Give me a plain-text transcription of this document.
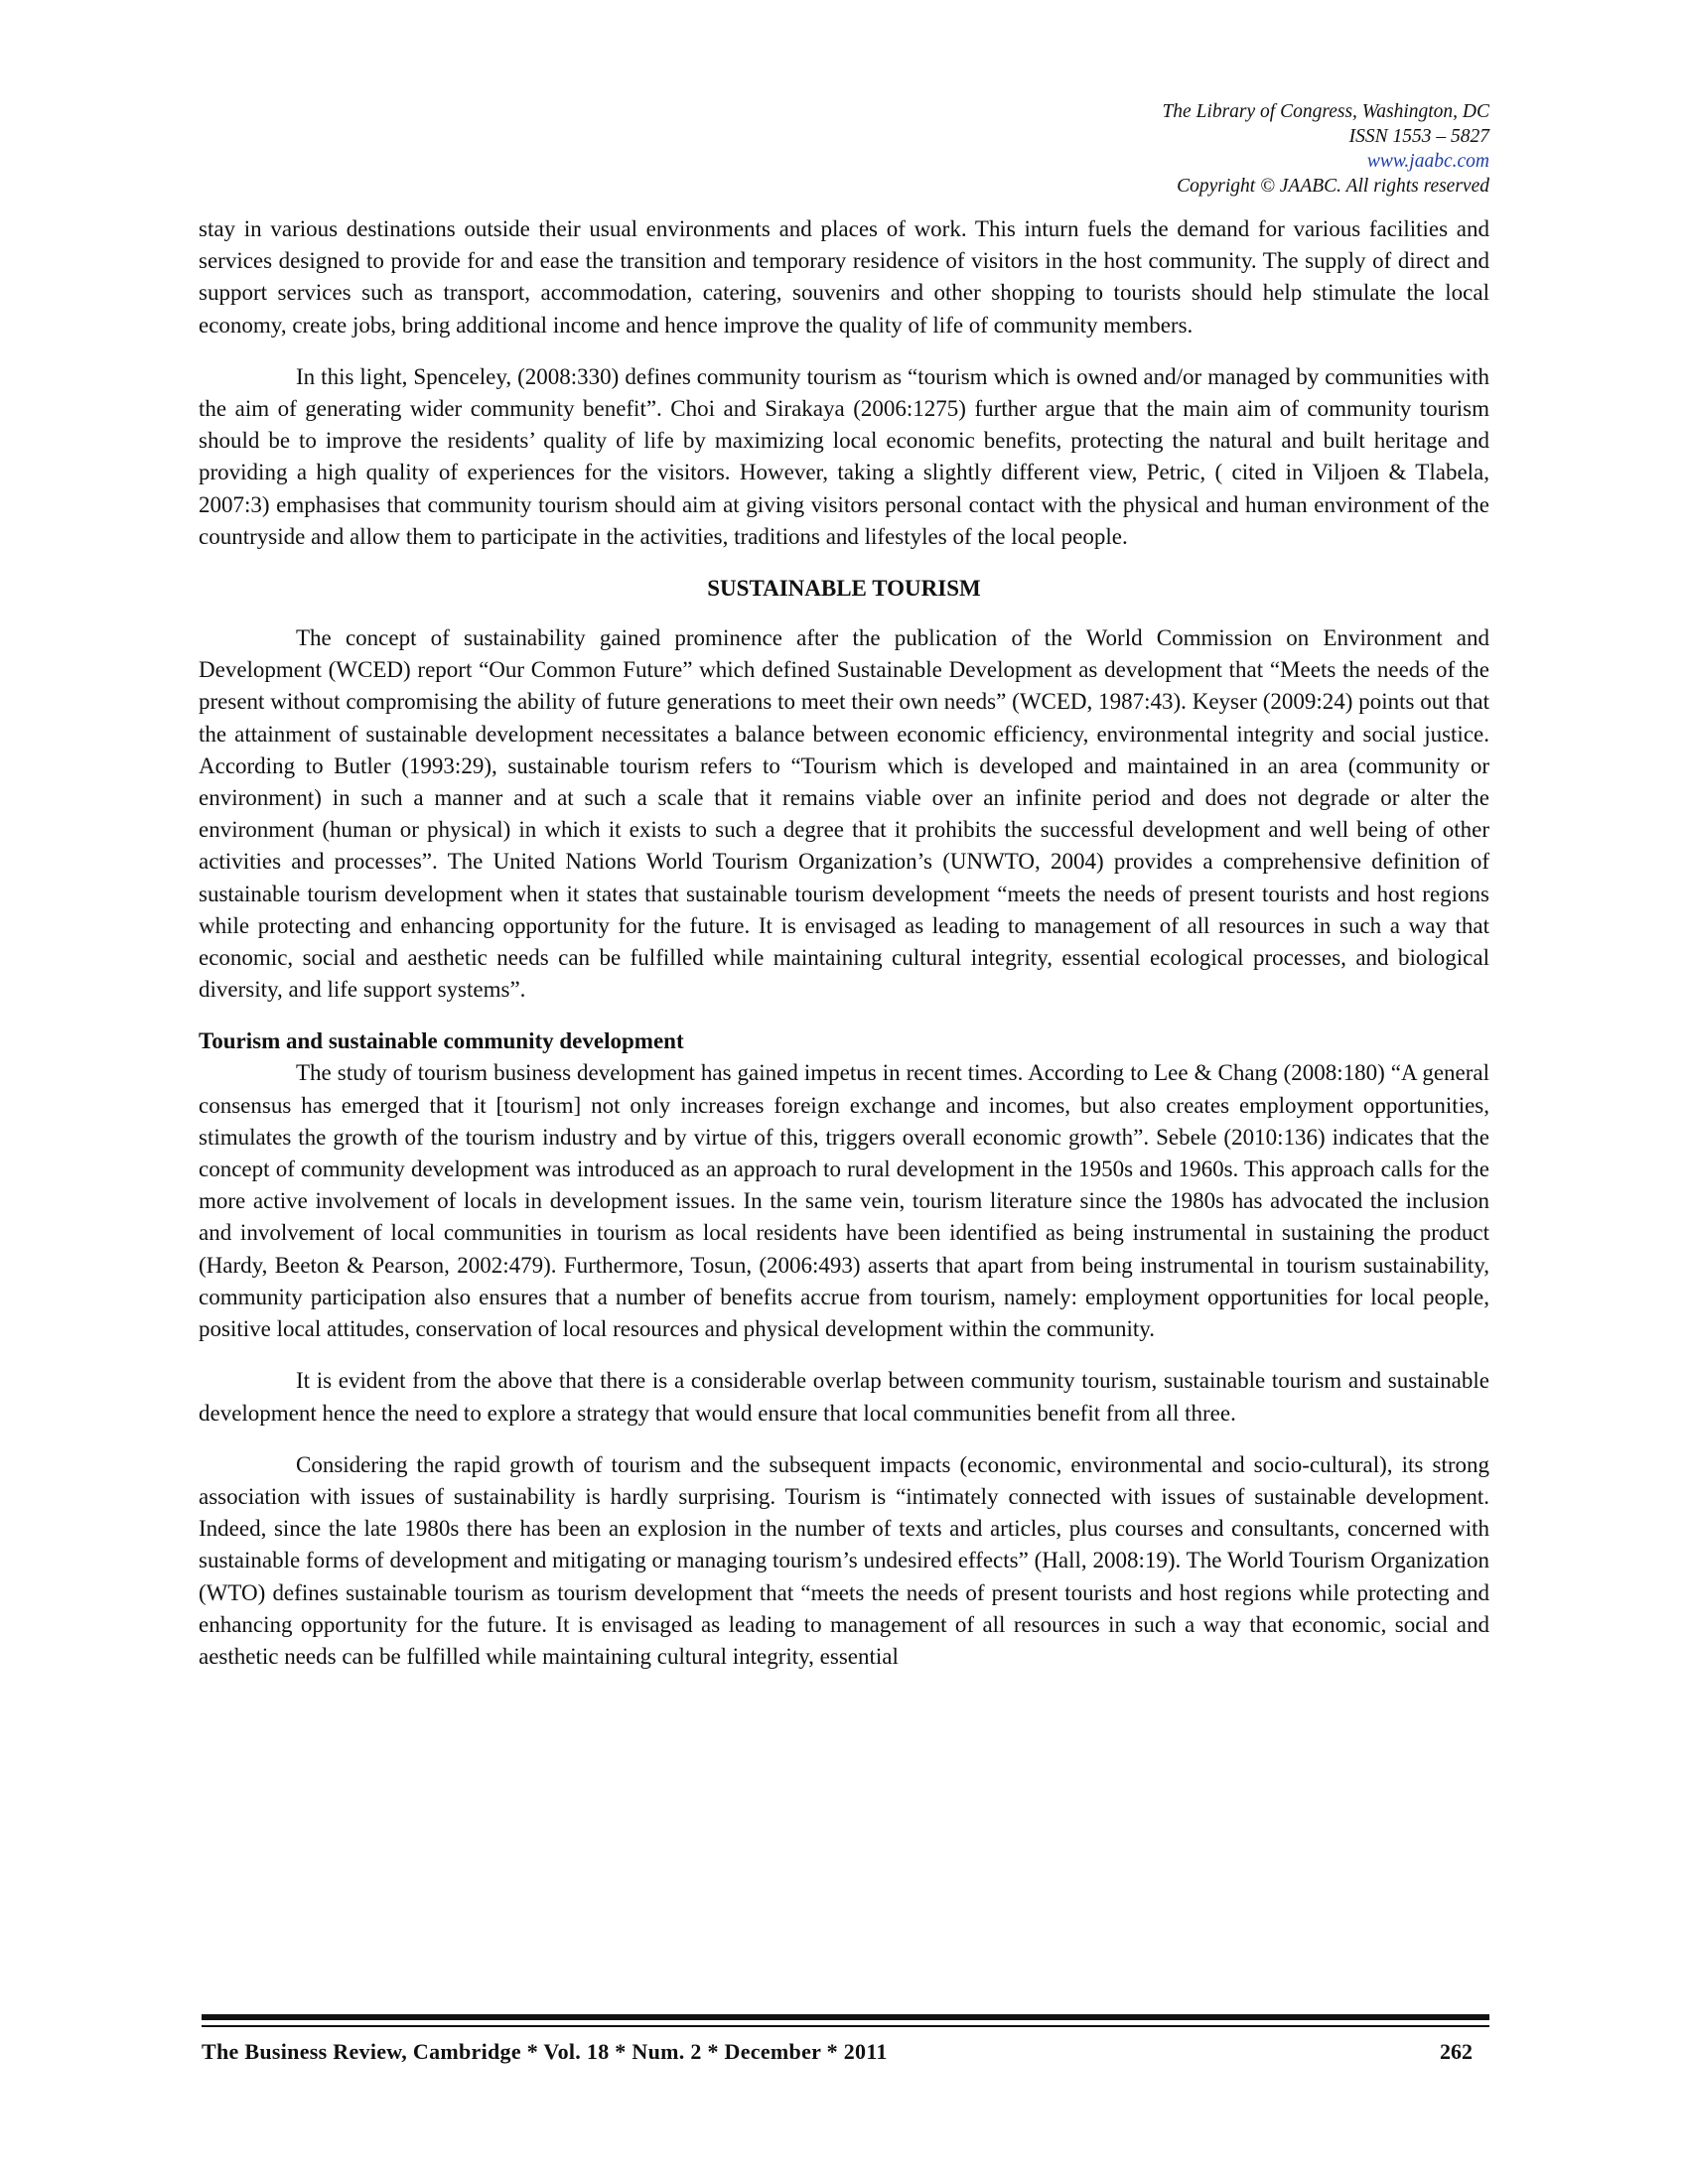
The Library of Congress, Washington, DC
ISSN 1553 – 5827
www.jaabc.com
Copyright © JAABC. All rights reserved

stay in various destinations outside their usual environments and places of work. This inturn fuels the demand for various facilities and services designed to provide for and ease the transition and temporary residence of visitors in the host community. The supply of direct and support services such as transport, accommodation, catering, souvenirs and other shopping to tourists should help stimulate the local economy, create jobs, bring additional income and hence improve the quality of life of community members.

In this light, Spenceley, (2008:330) defines community tourism as “tourism which is owned and/or managed by communities with the aim of generating wider community benefit”. Choi and Sirakaya (2006:1275) further argue that the main aim of community tourism should be to improve the residents’ quality of life by maximizing local economic benefits, protecting the natural and built heritage and providing a high quality of experiences for the visitors. However, taking a slightly different view, Petric, ( cited in Viljoen & Tlabela, 2007:3) emphasises that community tourism should aim at giving visitors personal contact with the physical and human environment of the countryside and allow them to participate in the activities, traditions and lifestyles of the local people.

SUSTAINABLE TOURISM

The concept of sustainability gained prominence after the publication of the World Commission on Environment and Development (WCED) report “Our Common Future” which defined Sustainable Development as development that “Meets the needs of the present without compromising the ability of future generations to meet their own needs” (WCED, 1987:43). Keyser (2009:24) points out that the attainment of sustainable development necessitates a balance between economic efficiency, environmental integrity and social justice. According to Butler (1993:29), sustainable tourism refers to “Tourism which is developed and maintained in an area (community or environment) in such a manner and at such a scale that it remains viable over an infinite period and does not degrade or alter the environment (human or physical) in which it exists to such a degree that it prohibits the successful development and well being of other activities and processes”. The United Nations World Tourism Organization’s (UNWTO, 2004) provides a comprehensive definition of sustainable tourism development when it states that sustainable tourism development “meets the needs of present tourists and host regions while protecting and enhancing opportunity for the future. It is envisaged as leading to management of all resources in such a way that economic, social and aesthetic needs can be fulfilled while maintaining cultural integrity, essential ecological processes, and biological diversity, and life support systems”.

Tourism and sustainable community development

The study of tourism business development has gained impetus in recent times. According to Lee & Chang (2008:180) “A general consensus has emerged that it [tourism] not only increases foreign exchange and incomes, but also creates employment opportunities, stimulates the growth of the tourism industry and by virtue of this, triggers overall economic growth”. Sebele (2010:136) indicates that the concept of community development was introduced as an approach to rural development in the 1950s and 1960s. This approach calls for the more active involvement of locals in development issues. In the same vein, tourism literature since the 1980s has advocated the inclusion and involvement of local communities in tourism as local residents have been identified as being instrumental in sustaining the product (Hardy, Beeton & Pearson, 2002:479). Furthermore, Tosun, (2006:493) asserts that apart from being instrumental in tourism sustainability, community participation also ensures that a number of benefits accrue from tourism, namely: employment opportunities for local people, positive local attitudes, conservation of local resources and physical development within the community.

It is evident from the above that there is a considerable overlap between community tourism, sustainable tourism and sustainable development hence the need to explore a strategy that would ensure that local communities benefit from all three.

Considering the rapid growth of tourism and the subsequent impacts (economic, environmental and socio-cultural), its strong association with issues of sustainability is hardly surprising. Tourism is “intimately connected with issues of sustainable development. Indeed, since the late 1980s there has been an explosion in the number of texts and articles, plus courses and consultants, concerned with sustainable forms of development and mitigating or managing tourism’s undesired effects” (Hall, 2008:19). The World Tourism Organization (WTO) defines sustainable tourism as tourism development that “meets the needs of present tourists and host regions while protecting and enhancing opportunity for the future. It is envisaged as leading to management of all resources in such a way that economic, social and aesthetic needs can be fulfilled while maintaining cultural integrity, essential

The Business Review, Cambridge * Vol. 18 * Num. 2 * December * 2011	262
